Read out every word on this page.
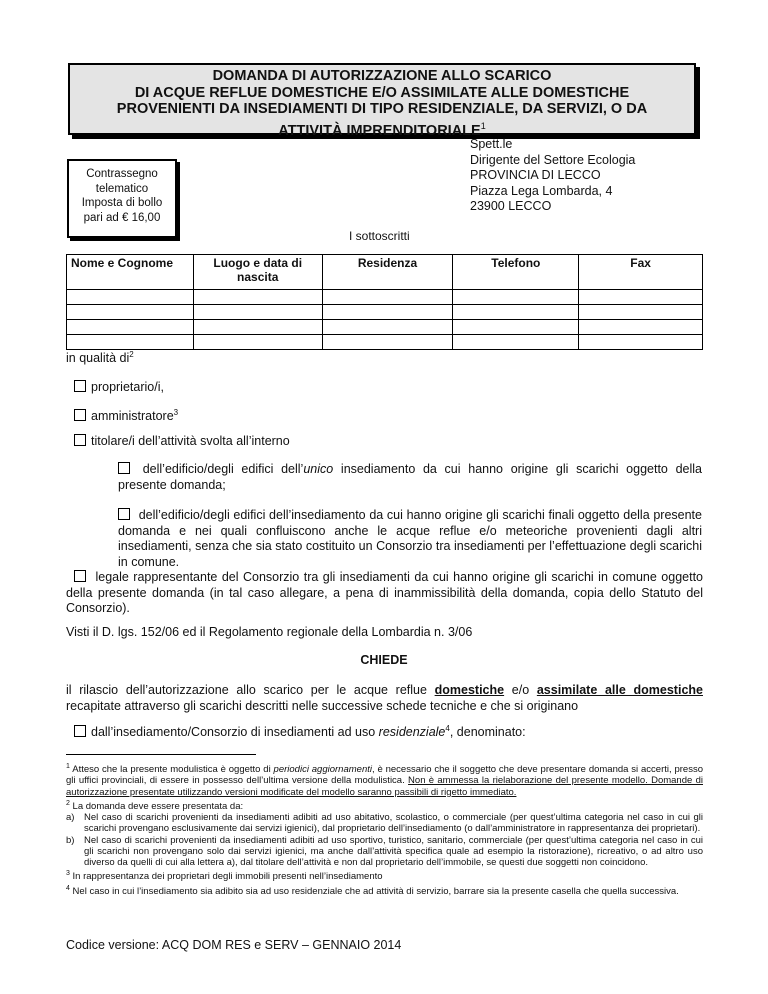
DOMANDA DI AUTORIZZAZIONE ALLO SCARICO
DI ACQUE REFLUE DOMESTICHE E/O ASSIMILATE ALLE DOMESTICHE
PROVENIENTI DA INSEDIAMENTI DI TIPO RESIDENZIALE, DA SERVIZI, O DA
ATTIVITÀ IMPRENDITORIALE$^1$
Spett.le
Dirigente del Settore Ecologia
PROVINCIA DI LECCO
Piazza Lega Lombarda, 4
23900 LECCO
Contrassegno
telematico
Imposta di bollo
pari ad € 16,00
I sottoscritti
Nome e Cognome	Luogo e data di nascita	Residenza	Telefono	Fax

in qualità $di^2$
proprietario/i,
amministratore$^3$
titolare/i dell’attività svolta all’interno
dell’edificio/degli edifici dell’unico insediamento da cui hanno origine gli scarichi oggetto della presente domanda;
dell’edificio/degli edifici dell’insediamento da cui hanno origine gli scarichi finali oggetto della presente domanda e nei quali confluiscono anche le acque reflue e/o meteoriche provenienti dagli altri insediamenti, senza che sia stato costituito un Consorzio tra insediamenti per l’effettuazione degli scarichi in comune.
legale rappresentante del Consorzio tra gli insediamenti da cui hanno origine gli scarichi in comune oggetto della presente domanda (in tal caso allegare, a pena di inammissibilità della domanda, copia dello Statuto del Consorzio).
Visti il D. lgs. 152/06 ed il Regolamento regionale della Lombardia n. 3/06
CHIEDE
il rilascio dell’autorizzazione allo scarico per le acque reflue domestiche e/o assimilate alle domestiche recapitate attraverso gli scarichi descritti nelle successive schede tecniche e che si originano
dall’insediamento/Consorzio di insediamenti ad uso residenziale$^4$, denominato:
$^1$ Atteso che la presente modulistica è oggetto di periodici aggiornamenti, è necessario che il soggetto che deve presentare domanda si accerti, presso gli uffici provinciali, di essere in possesso dell’ultima versione della modulistica. Non è ammessa la rielaborazione del presente modello. Domande di autorizzazione presentate utilizzando versioni modificate del modello saranno passibili di rigetto immediato.
$^2$ La domanda deve essere presentata da:
a)	Nel caso di scarichi provenienti da insediamenti adibiti ad uso abitativo, scolastico, o commerciale (per quest’ultima categoria nel caso in cui gli scarichi provengano esclusivamente dai servizi igienici), dal proprietario dell’insediamento (o dall’amministratore in rappresentanza dei proprietari).
b)	Nel caso di scarichi provenienti da insediamenti adibiti ad uso sportivo, turistico, sanitario, commerciale (per quest’ultima categoria nel caso in cui gli scarichi non provengano solo dai servizi igienici, ma anche dall’attività specifica quale ad esempio la ristorazione), ricreativo, o ad altro uso diverso da quelli di cui alla lettera a), dal titolare dell’attività e non dal proprietario dell’immobile, se questi due soggetti non coincidono.
$^3$ In rappresentanza dei proprietari degli immobili presenti nell’insediamento
$^4$ Nel caso in cui l’insediamento sia adibito sia ad uso residenziale che ad attività di servizio, barrare sia la presente casella che quella successiva.
Codice versione: ACQ DOM RES e SERV – GENNAIO 2014
